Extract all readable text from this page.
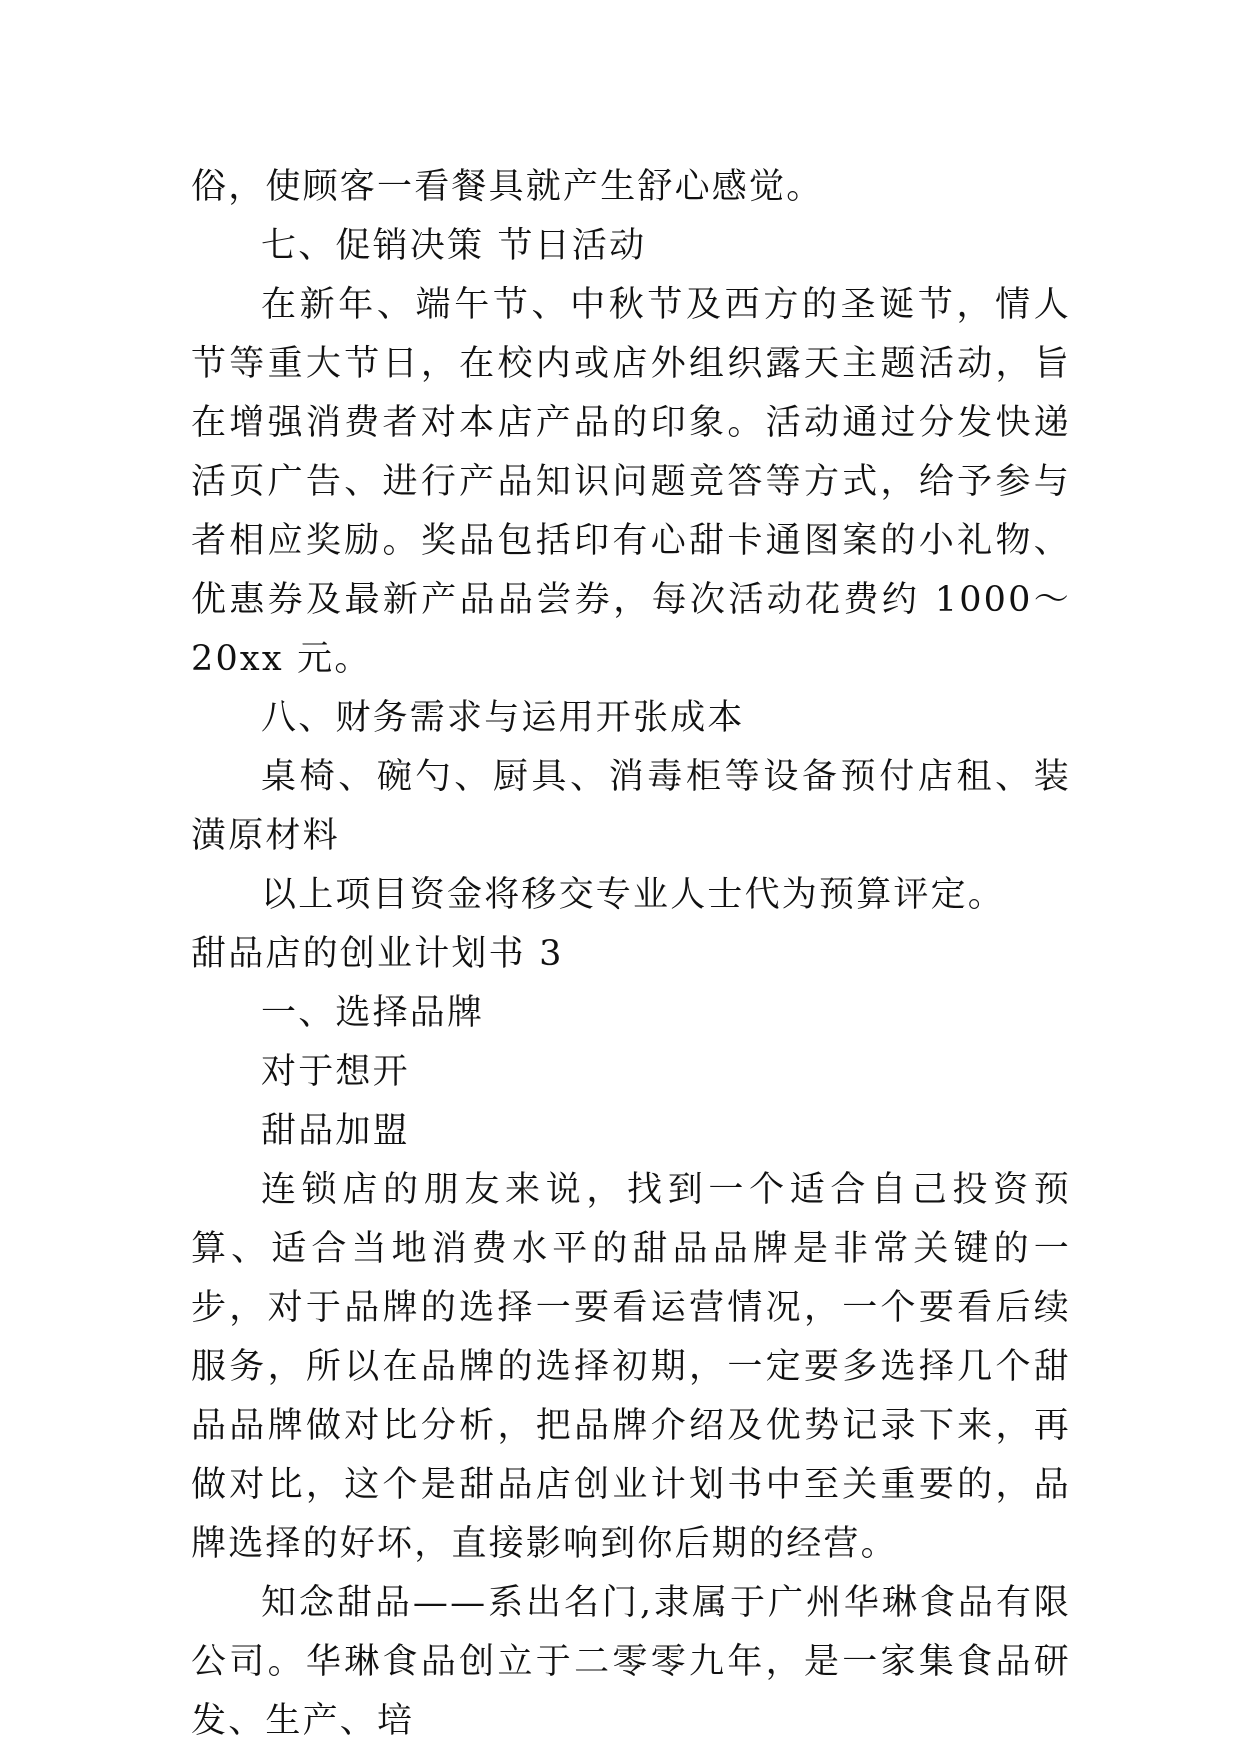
俗，使顾客一看餐具就产生舒心感觉。

七、促销决策 节日活动

在新年、端午节、中秋节及西方的圣诞节，情人节等重大节日，在校内或店外组织露天主题活动，旨在增强消费者对本店产品的印象。活动通过分发快递活页广告、进行产品知识问题竞答等方式，给予参与者相应奖励。奖品包括印有心甜卡通图案的小礼物、优惠券及最新产品品尝券，每次活动花费约 1000～20xx 元。

八、财务需求与运用开张成本

桌椅、碗勺、厨具、消毒柜等设备预付店租、装潢原材料

以上项目资金将移交专业人士代为预算评定。

甜品店的创业计划书 3

一、选择品牌

对于想开

甜品加盟

连锁店的朋友来说，找到一个适合自己投资预算、适合当地消费水平的甜品品牌是非常关键的一步，对于品牌的选择一要看运营情况，一个要看后续服务，所以在品牌的选择初期，一定要多选择几个甜品品牌做对比分析，把品牌介绍及优势记录下来，再做对比，这个是甜品店创业计划书中至关重要的，品牌选择的好坏，直接影响到你后期的经营。

知念甜品——系出名门,隶属于广州华琳食品有限公司。华琳食品创立于二零零九年，是一家集食品研发、生产、培
